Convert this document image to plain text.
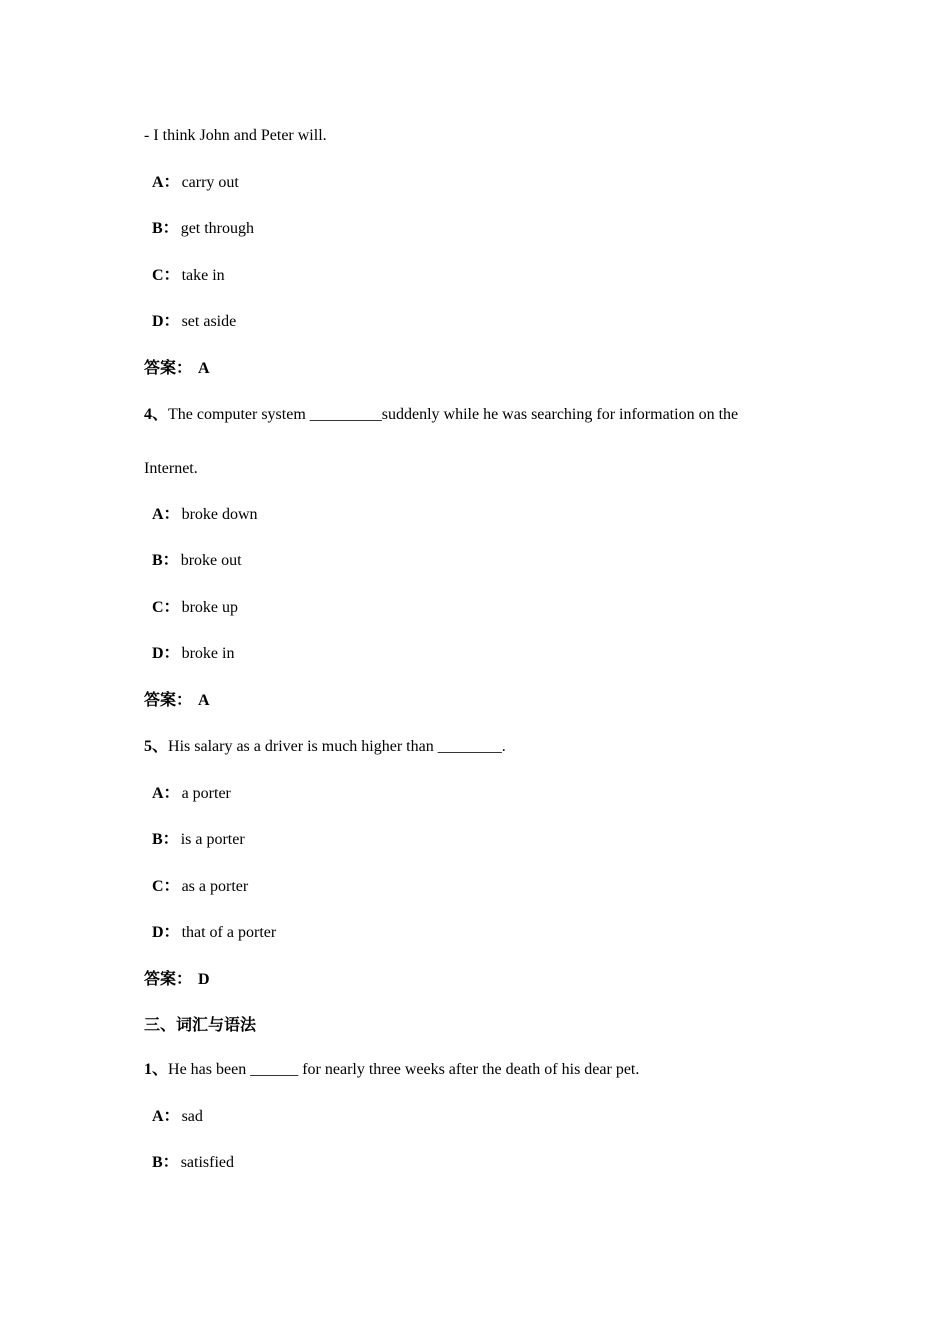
- I think John and Peter will.
A： carry out
B： get through
C： take in
D： set aside
答案： A
4、The computer system _________suddenly while he was searching for information on the
Internet.
A： broke down
B： broke out
C： broke up
D： broke in
答案： A
5、His salary as a driver is much higher than ________.
A： a porter
B： is a porter
C： as a porter
D： that of a porter
答案： D
三、词汇与语法
1、He has been ______ for nearly three weeks after the death of his dear pet.
A： sad
B： satisfied
